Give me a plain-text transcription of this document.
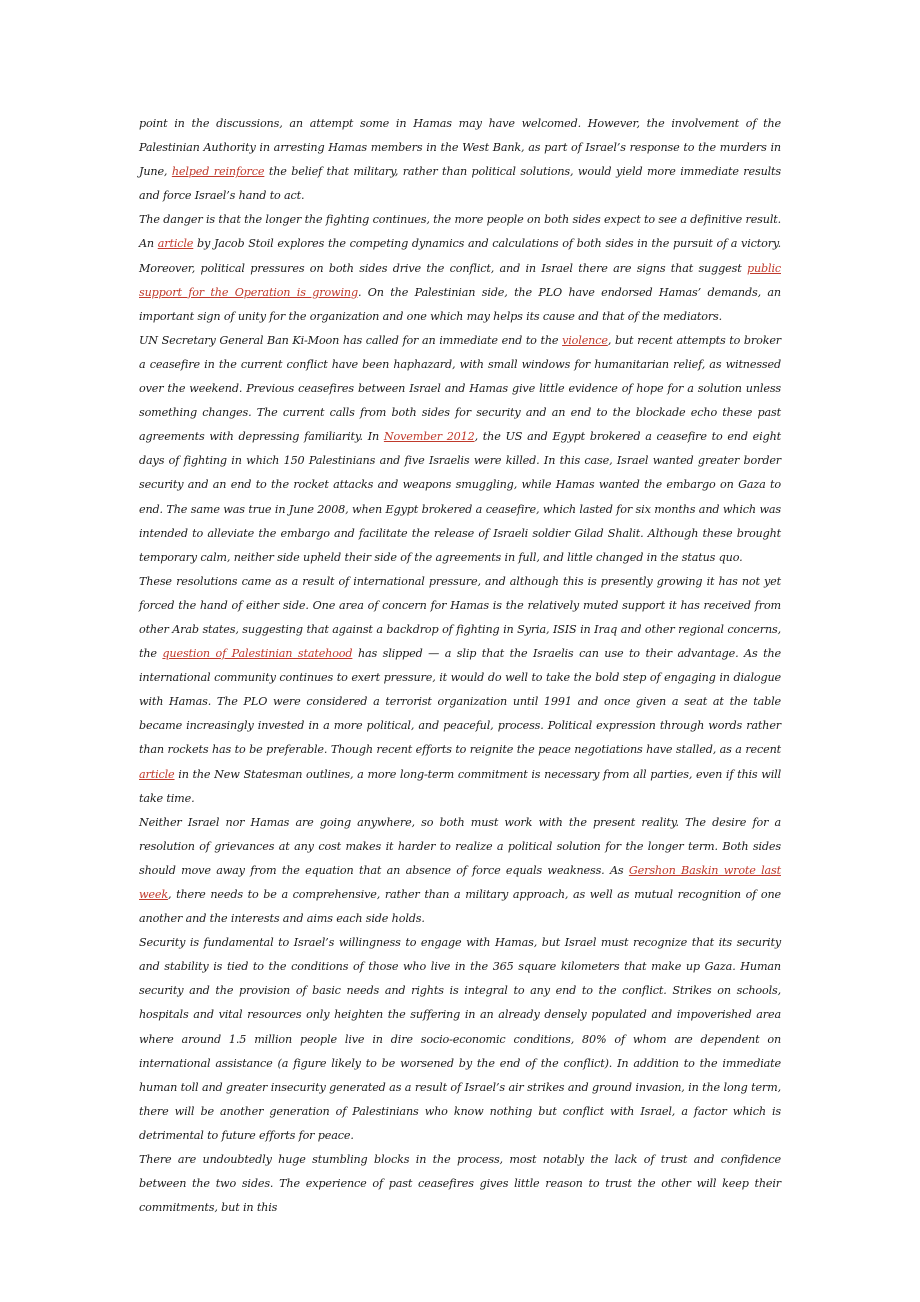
point in the discussions, an attempt some in Hamas may have welcomed. However, the involvement of the Palestinian Authority in arresting Hamas members in the West Bank, as part of Israel’s response to the murders in June, helped reinforce the belief that military, rather than political solutions, would yield more immediate results and force Israel’s hand to act.

The danger is that the longer the fighting continues, the more people on both sides expect to see a definitive result. An article by Jacob Stoil explores the competing dynamics and calculations of both sides in the pursuit of a victory. Moreover, political pressures on both sides drive the conflict, and in Israel there are signs that suggest public support for the Operation is growing. On the Palestinian side, the PLO have endorsed Hamas’ demands, an important sign of unity for the organization and one which may helps its cause and that of the mediators.

UN Secretary General Ban Ki-Moon has called for an immediate end to the violence, but recent attempts to broker a ceasefire in the current conflict have been haphazard, with small windows for humanitarian relief, as witnessed over the weekend. Previous ceasefires between Israel and Hamas give little evidence of hope for a solution unless something changes. The current calls from both sides for security and an end to the blockade echo these past agreements with depressing familiarity. In November 2012, the US and Egypt brokered a ceasefire to end eight days of fighting in which 150 Palestinians and five Israelis were killed. In this case, Israel wanted greater border security and an end to the rocket attacks and weapons smuggling, while Hamas wanted the embargo on Gaza to end. The same was true in June 2008, when Egypt brokered a ceasefire, which lasted for six months and which was intended to alleviate the embargo and facilitate the release of Israeli soldier Gilad Shalit. Although these brought temporary calm, neither side upheld their side of the agreements in full, and little changed in the status quo.

These resolutions came as a result of international pressure, and although this is presently growing it has not yet forced the hand of either side. One area of concern for Hamas is the relatively muted support it has received from other Arab states, suggesting that against a backdrop of fighting in Syria, ISIS in Iraq and other regional concerns, the question of Palestinian statehood has slipped — a slip that the Israelis can use to their advantage. As the international community continues to exert pressure, it would do well to take the bold step of engaging in dialogue with Hamas. The PLO were considered a terrorist organization until 1991 and once given a seat at the table became increasingly invested in a more political, and peaceful, process. Political expression through words rather than rockets has to be preferable. Though recent efforts to reignite the peace negotiations have stalled, as a recent article in the New Statesman outlines, a more long-term commitment is necessary from all parties, even if this will take time.

Neither Israel nor Hamas are going anywhere, so both must work with the present reality. The desire for a resolution of grievances at any cost makes it harder to realize a political solution for the longer term. Both sides should move away from the equation that an absence of force equals weakness. As Gershon Baskin wrote last week, there needs to be a comprehensive, rather than a military approach, as well as mutual recognition of one another and the interests and aims each side holds.

Security is fundamental to Israel’s willingness to engage with Hamas, but Israel must recognize that its security and stability is tied to the conditions of those who live in the 365 square kilometers that make up Gaza. Human security and the provision of basic needs and rights is integral to any end to the conflict. Strikes on schools, hospitals and vital resources only heighten the suffering in an already densely populated and impoverished area where around 1.5 million people live in dire socio-economic conditions, 80% of whom are dependent on international assistance (a figure likely to be worsened by the end of the conflict). In addition to the immediate human toll and greater insecurity generated as a result of Israel’s air strikes and ground invasion, in the long term, there will be another generation of Palestinians who know nothing but conflict with Israel, a factor which is detrimental to future efforts for peace.

There are undoubtedly huge stumbling blocks in the process, most notably the lack of trust and confidence between the two sides. The experience of past ceasefires gives little reason to trust the other will keep their commitments, but in this
